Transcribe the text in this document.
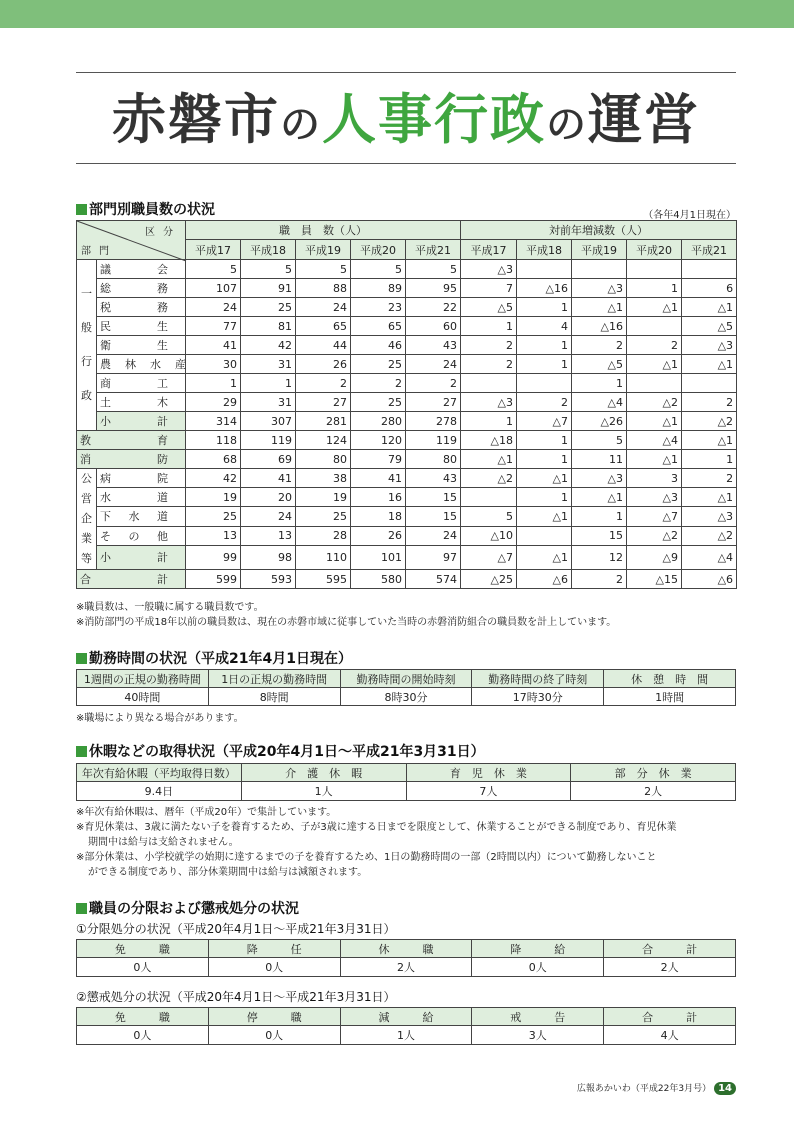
赤磐市の人事行政の運営
部門別職員数の状況	（各年4月1日現在）
区分
部門		職　員　数（人）					対前年増減数（人）				
		平成17	平成18	平成19	平成20	平成21	平成17	平成18	平成19	平成20	平成21

一
般
行
政	議会	5	5	5	5	5	△3				
	総務	107	91	88	89	95	7	△16	△3	1	6
	税務	24	25	24	23	22	△5	1	△1	△1	△1
	民生	77	81	65	65	60	1	4	△16		△5
	衛生	41	42	44	46	43	2	1	2	2	△3
	農林水産	30	31	26	25	24	2	1	△5	△1	△1
	商工	1	1	2	2	2			1		
	土木	29	31	27	25	27	△3	2	△4	△2	2
	小計	314	307	281	280	278	1	△7	△26	△1	△2
教育		118	119	124	120	119	△18	1	5	△4	△1
消防		68	69	80	79	80	△1	1	11	△1	1

公
営
企
業
等	病院	42	41	38	41	43	△2	△1	△3	3	2
	水道	19	20	19	16	15		1	△1	△3	△1
	下水道	25	24	25	18	15	5	△1	1	△7	△3
	その他	13	13	28	26	24	△10		15	△2	△2
	小計	99	98	110	101	97	△7	△1	12	△9	△4
合計		599	593	595	580	574	△25	△6	2	△15	△6
※職員数は、一般職に属する職員数です。
※消防部門の平成18年以前の職員数は、現在の赤磐市域に従事していた当時の赤磐消防組合の職員数を計上しています。
勤務時間の状況（平成21年4月1日現在）
1週間の正規の勤務時間	1日の正規の勤務時間	勤務時間の開始時刻	勤務時間の終了時刻	休　憩　時　間
40時間	8時間	8時30分	17時30分	1時間
※職場により異なる場合があります。
休暇などの取得状況（平成20年4月1日〜平成21年3月31日）
年次有給休暇（平均取得日数）	介　護　休　暇	育　児　休　業	部　分　休　業
9.4日	1人	7人	2人
※年次有給休暇は、暦年（平成20年）で集計しています。
※育児休業は、3歳に満たない子を養育するため、子が3歳に達する日までを限度として、休業することができる制度であり、育児休業
期間中は給与は支給されません。
※部分休業は、小学校就学の始期に達するまでの子を養育するため、1日の勤務時間の一部（2時間以内）について勤務しないこと
ができる制度であり、部分休業期間中は給与は減額されます。
職員の分限および懲戒処分の状況
①分限処分の状況（平成20年4月1日〜平成21年3月31日）
免　　　職	降　　　任	休　　　職	降　　　給	合　　　計
0人	0人	2人	0人	2人
②懲戒処分の状況（平成20年4月1日〜平成21年3月31日）
免　　　職	停　　　職	減　　　給	戒　　　告	合　　　計
0人	0人	1人	3人	4人
広報あかいわ（平成22年3月号） 14
